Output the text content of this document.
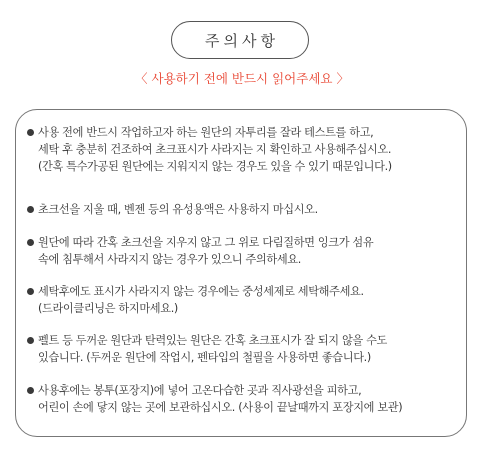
주의사항
〈 사용하기 전에 반드시 읽어주세요 〉
사용 전에 반드시 작업하고자 하는 원단의 자투리를 잘라 테스트를 하고,
세탁 후 충분히 건조하여 초크표시가 사라지는 지 확인하고 사용해주십시오.
(간혹 특수가공된 원단에는 지워지지 않는 경우도 있을 수 있기 때문입니다.)
초크선을 지울 때, 벤젠 등의 유성용액은 사용하지 마십시오.
원단에 따라 간혹 초크선을 지우지 않고 그 위로 다림질하면 잉크가 섬유
속에 침투해서 사라지지 않는 경우가 있으니 주의하세요.
세탁후에도 표시가 사라지지 않는 경우에는 중성세제로 세탁해주세요.
(드라이클리닝은 하지마세요.)
펠트 등 두꺼운 원단과 탄력있는 원단은 간혹 초크표시가 잘 되지 않을 수도
있습니다. (두꺼운 원단에 작업시, 펜타입의 철필을 사용하면 좋습니다.)
사용후에는 봉투(포장지)에 넣어 고온다습한 곳과 직사광선을 피하고,
어린이 손에 닿지 않는 곳에 보관하십시오. (사용이 끝날때까지 포장지에 보관)
